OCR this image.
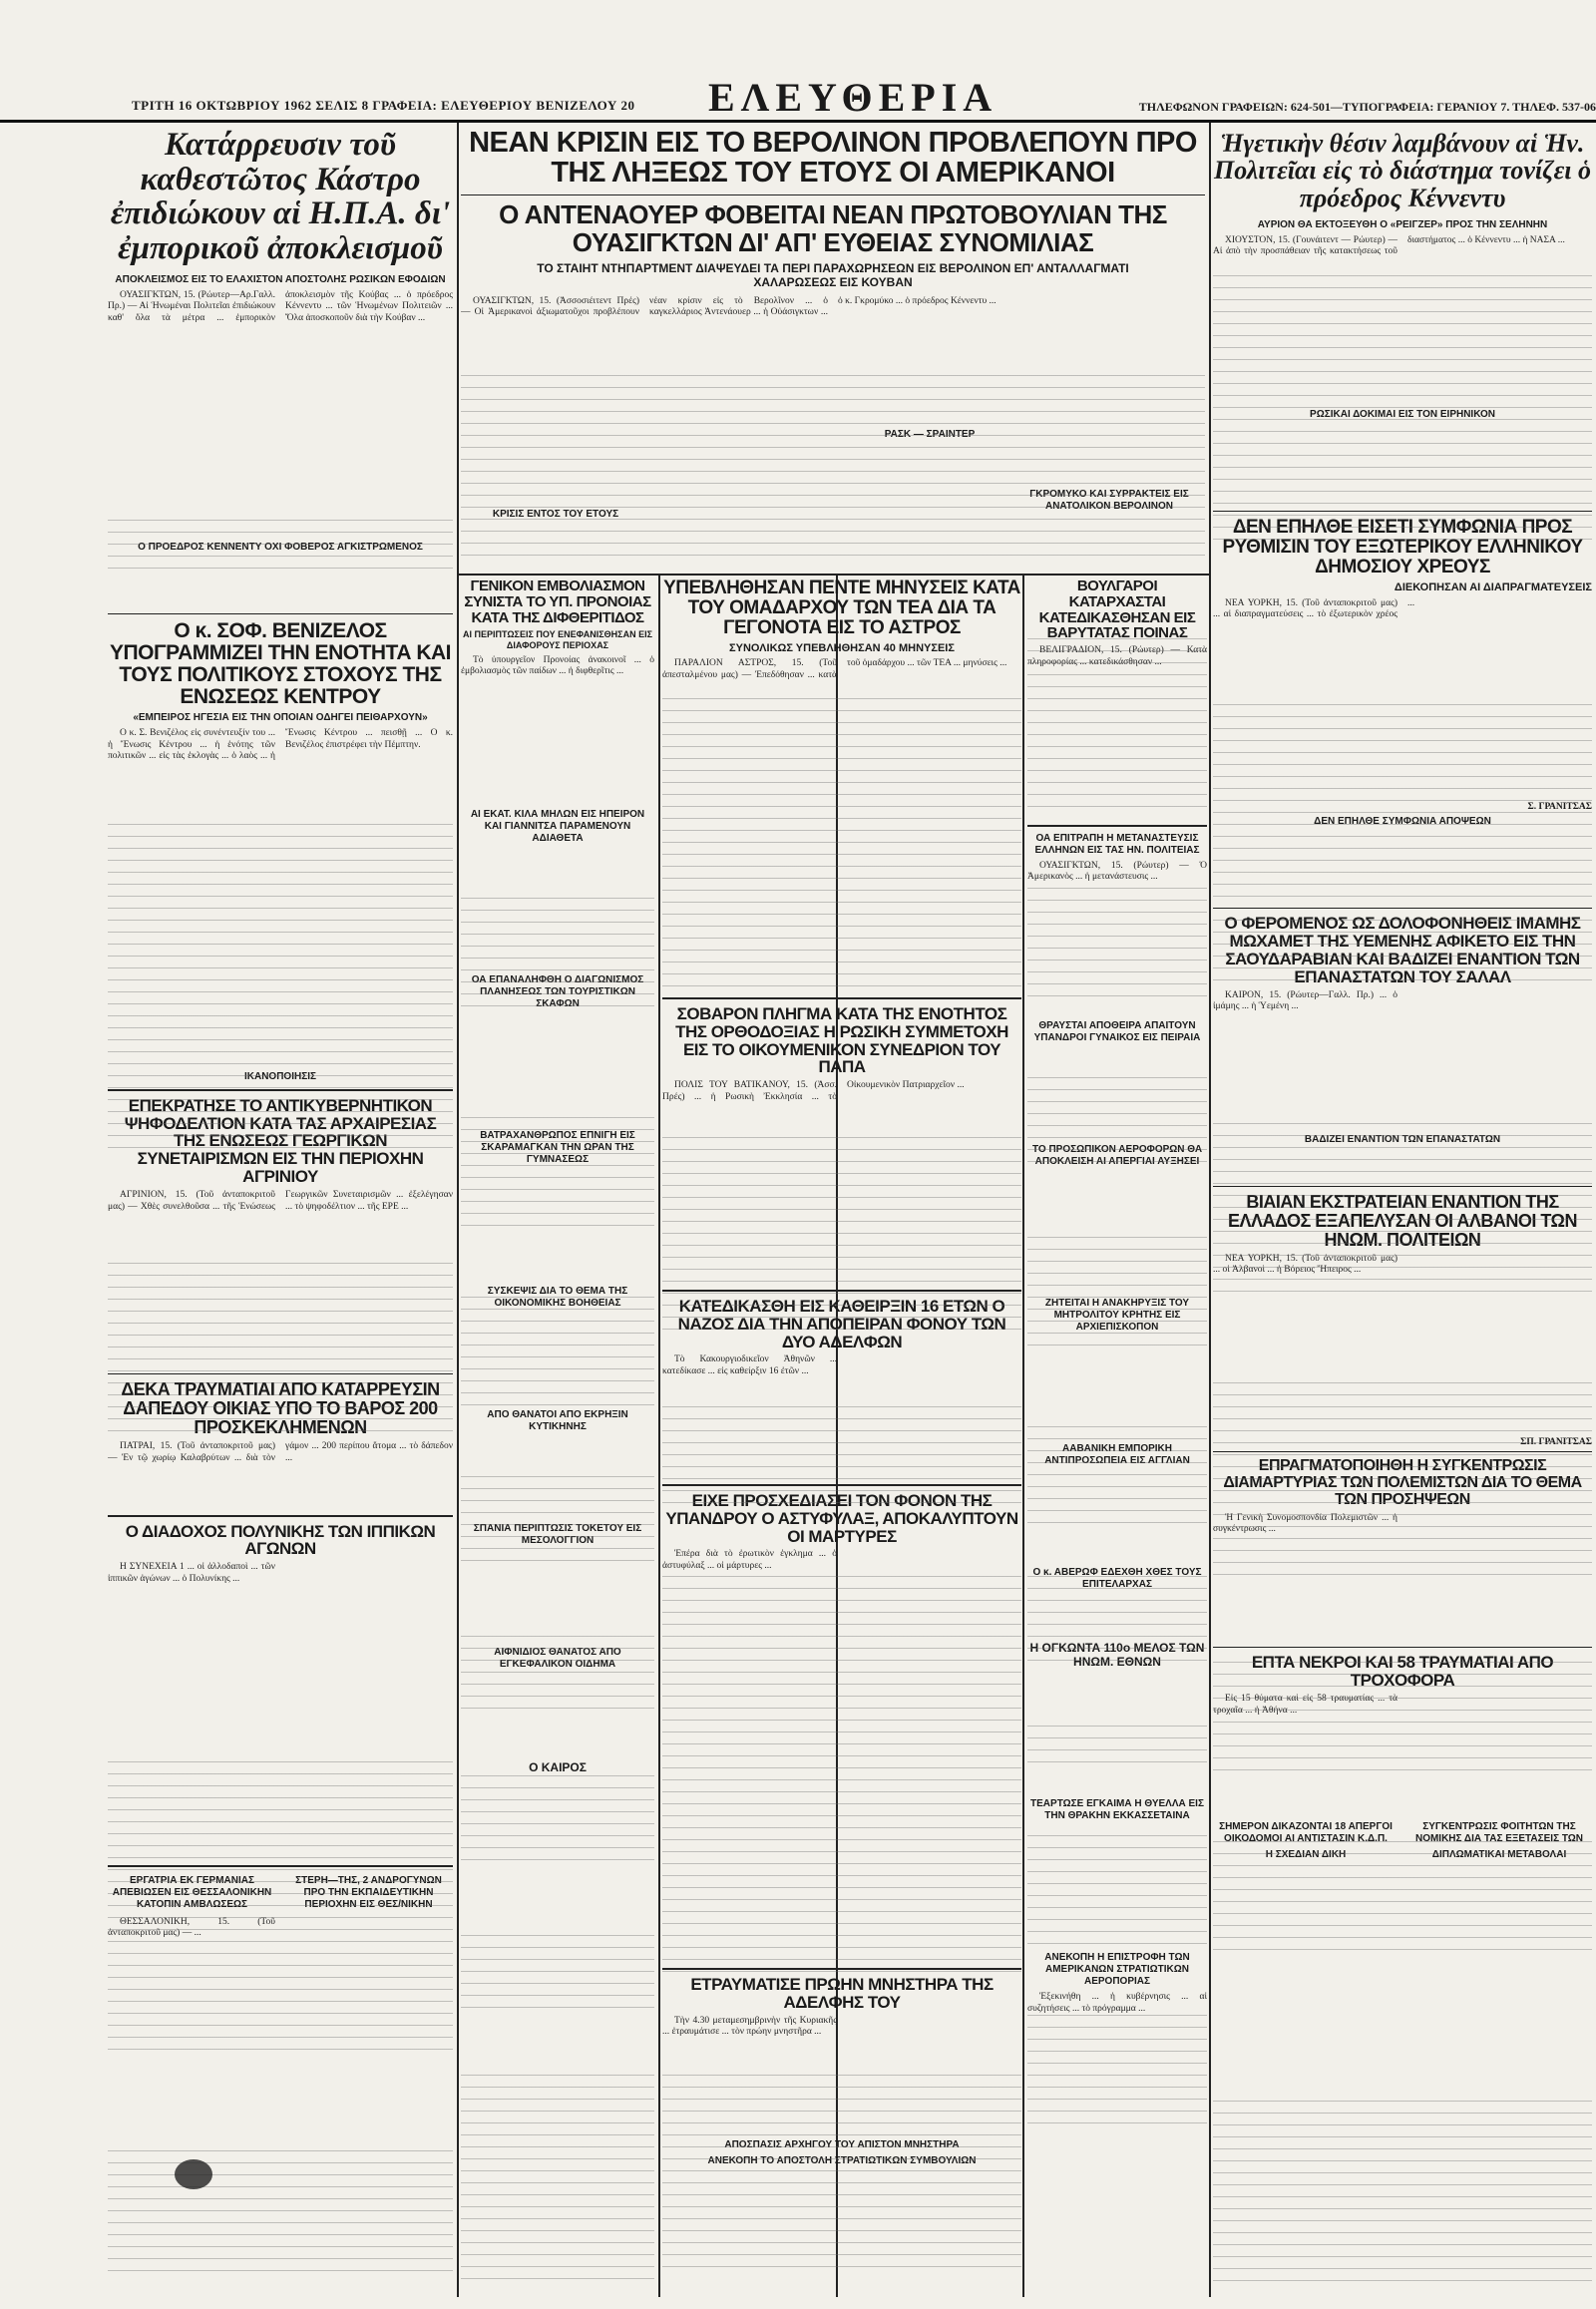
ΤΡΙΤΗ 16 ΟΚΤΩΒΡΙΟΥ 1962 ΣΕΛΙΣ 8 ΓΡΑΦΕΙΑ: ΕΛΕΥΘΕΡΙΟΥ ΒΕΝΙΖΕΛΟΥ 20 ΕΛΕΥΘΕΡΙΑ	ΤΗΛΕΦΩΝΟΝ ΓΡΑΦΕΙΩΝ: 624-501—ΤΥΠΟΓΡΑΦΕΙΑ: ΓΕΡΑΝΙΟΥ 7. ΤΗΛΕΦ. 537-06
Κατάρρευσιν τοῦ καθεστῶτος Κάστρο ἐπιδιώκουν αἱ Η.Π.Α. δι' ἐμπορικοῦ ἀποκλεισμοῦ
ΑΠΟΚΛΕΙΣΜΟΣ ΕΙΣ ΤΟ ΕΛΑΧΙΣΤΟΝ ΑΠΟΣΤΟΛΗΣ ΡΩΣΙΚΩΝ ΕΦΟΔΙΩΝ
ΟΥΑΣΙΓΚΤΩΝ, 15. (Ρώυτερ—Αρ.Γαλλ. Πρ.) — Αἱ Ἡνωμέναι Πολιτεῖαι ἐπιδιώκουν καθ' ὅλα τὰ μέτρα ... ἐμπορικὸν ἀποκλεισμὸν τῆς Κούβας ... ὁ πρόεδρος Κέννεντυ ... τῶν Ἡνωμένων Πολιτειῶν ... Ὅλα ἀποσκοποῦν διὰ τὴν Κούβαν ...
Ο ΠΡΟΕΔΡΟΣ ΚΕΝΝΕΝΤΥ ΟΧΙ ΦΟΒΕΡΟΣ ΑΓΚΙΣΤΡΩΜΕΝΟΣ
Ο κ. ΣΟΦ. ΒΕΝΙΖΕΛΟΣ ΥΠΟΓΡΑΜΜΙΖΕΙ ΤΗΝ ΕΝΟΤΗΤΑ ΚΑΙ ΤΟΥΣ ΠΟΛΙΤΙΚΟΥΣ ΣΤΟΧΟΥΣ ΤΗΣ ΕΝΩΣΕΩΣ ΚΕΝΤΡΟΥ
«ΕΜΠΕΙΡΟΣ ΗΓΕΣΙΑ ΕΙΣ ΤΗΝ ΟΠΟΙΑΝ ΟΔΗΓΕΙ ΠΕΙΘΑΡΧΟΥΝ»
Ο κ. Σ. Βενιζέλος εἰς συνέντευξίν του ... ἡ Ἕνωσις Κέντρου ... ἡ ἑνότης τῶν πολιτικῶν ... εἰς τὰς ἐκλογὰς ... ὁ λαὸς ... ἡ Ἕνωσις Κέντρου ... πεισθῇ ... Ο κ. Βενιζέλος ἐπιστρέφει τὴν Πέμπτην.
ΙΚΑΝΟΠΟΙΗΣΙΣ
ΕΠΕΚΡΑΤΗΣΕ ΤΟ ΑΝΤΙΚΥΒΕΡΝΗΤΙΚΟΝ ΨΗΦΟΔΕΛΤΙΟΝ ΚΑΤΑ ΤΑΣ ΑΡΧΑΙΡΕΣΙΑΣ ΤΗΣ ΕΝΩΣΕΩΣ ΓΕΩΡΓΙΚΩΝ ΣΥΝΕΤΑΙΡΙΣΜΩΝ ΕΙΣ ΤΗΝ ΠΕΡΙΟΧΗΝ ΑΓΡΙΝΙΟΥ
ΑΓΡΙΝΙΟΝ, 15. (Τοῦ ἀνταποκριτοῦ μας) — Χθὲς συνελθοῦσα ... τῆς Ἑνώσεως Γεωργικῶν Συνεταιρισμῶν ... ἐξελέγησαν ... τὸ ψηφοδέλτιον ... τῆς ΕΡΕ ...
ΔΕΚΑ ΤΡΑΥΜΑΤΙΑΙ ΑΠΟ ΚΑΤΑΡΡΕΥΣΙΝ ΔΑΠΕΔΟΥ ΟΙΚΙΑΣ ΥΠΟ ΤΟ ΒΑΡΟΣ 200 ΠΡΟΣΚΕΚΛΗΜΕΝΩΝ
ΠΑΤΡΑΙ, 15. (Τοῦ ἀνταποκριτοῦ μας) — Ἐν τῷ χωρίῳ Καλαβρύτων ... διὰ τὸν γάμον ... 200 περίπου ἄτομα ... τὸ δάπεδον ...
Ο ΔΙΑΔΟΧΟΣ ΠΟΛΥΝΙΚΗΣ ΤΩΝ ΙΠΠΙΚΩΝ ΑΓΩΝΩΝ
Η ΣΥΝΕΧΕΙΑ 1 ... οἱ ἀλλοδαποὶ ... τῶν ἱππικῶν ἀγώνων ... ὁ Πολυνίκης ...
ΕΡΓΑΤΡΙΑ ΕΚ ΓΕΡΜΑΝΙΑΣ ΑΠΕΒΙΩΣΕΝ ΕΙΣ ΘΕΣΣΑΛΟΝΙΚΗΝ ΚΑΤΟΠΙΝ ΑΜΒΛΩΣΕΩΣ
ΣΤΕΡΗ—ΤΗΣ, 2 ΑΝΔΡΟΓΥΝΩΝ ΠΡΟ ΤΗΝ ΕΚΠΑΙΔΕΥΤΙΚΗΝ ΠΕΡΙΟΧΗΝ ΕΙΣ ΘΕΣ/ΝΙΚΗΝ
ΘΕΣΣΑΛΟΝΙΚΗ, 15. (Τοῦ ἀνταποκριτοῦ μας) — ...
ΝΕΑΝ ΚΡΙΣΙΝ ΕΙΣ ΤΟ ΒΕΡΟΛΙΝΟΝ ΠΡΟΒΛΕΠΟΥΝ ΠΡΟ ΤΗΣ ΛΗΞΕΩΣ ΤΟΥ ΕΤΟΥΣ ΟΙ ΑΜΕΡΙΚΑΝΟΙ
Ο ΑΝΤΕΝΑΟΥΕΡ ΦΟΒΕΙΤΑΙ ΝΕΑΝ ΠΡΩΤΟΒΟΥΛΙΑΝ ΤΗΣ ΟΥΑΣΙΓΚΤΩΝ ΔΙ' ΑΠ' ΕΥΘΕΙΑΣ ΣΥΝΟΜΙΛΙΑΣ
ΤΟ ΣΤΑΙΗΤ ΝΤΗΠΑΡΤΜΕΝΤ ΔΙΑΨΕΥΔΕΙ ΤΑ ΠΕΡΙ ΠΑΡΑΧΩΡΗΣΕΩΝ ΕΙΣ ΒΕΡΟΛΙΝΟΝ ΕΠ' ΑΝΤΑΛΛΑΓΜΑΤΙ ΧΑΛΑΡΩΣΕΩΣ ΕΙΣ ΚΟΥΒΑΝ
ΟΥΑΣΙΓΚΤΩΝ, 15. (Ἀσσοσιέιτεντ Πρές) — Οἱ Ἀμερικανοὶ ἀξιωματοῦχοι προβλέπουν νέαν κρίσιν εἰς τὸ Βερολῖνον ... ὁ καγκελλάριος Ἀντενάουερ ... ἡ Οὐάσιγκτων ... ὁ κ. Γκρομύκο ... ὁ πρόεδρος Κέννεντυ ...
ΚΡΙΣΙΣ ΕΝΤΟΣ ΤΟΥ ΕΤΟΥΣ
ΡΑΣΚ — ΣΡΑΙΝΤΕΡ
ΓΚΡΟΜΥΚΟ ΚΑΙ ΣΥΡΡΑΚΤΕΙΣ ΕΙΣ ΑΝΑΤΟΛΙΚΟΝ ΒΕΡΟΛΙΝΟΝ
ΓΕΝΙΚΟΝ ΕΜΒΟΛΙΑΣΜΟΝ ΣΥΝΙΣΤΑ ΤΟ ΥΠ. ΠΡΟΝΟΙΑΣ ΚΑΤΑ ΤΗΣ ΔΙΦΘΕΡΙΤΙΔΟΣ
ΑΙ ΠΕΡΙΠΤΩΣΕΙΣ ΠΟΥ ΕΝΕΦΑΝΙΣΘΗΣΑΝ ΕΙΣ ΔΙΑΦΟΡΟΥΣ ΠΕΡΙΟΧΑΣ
Τὸ ὑπουργεῖον Προνοίας ἀνακοινοῖ ... ὁ ἐμβολιασμὸς τῶν παίδων ... ἡ διφθερῖτις ...
ΑΙ ΕΚΑΤ. ΚΙΛΑ ΜΗΛΩΝ ΕΙΣ ΗΠΕΙΡΟΝ ΚΑΙ ΓΙΑΝΝΙΤΣΑ ΠΑΡΑΜΕΝΟΥΝ ΑΔΙΑΘΕΤΑ
ΟΑ ΕΠΑΝΑΛΗΦΘΗ Ο ΔΙΑΓΩΝΙΣΜΟΣ ΠΛΑΝΗΣΕΩΣ ΤΩΝ ΤΟΥΡΙΣΤΙΚΩΝ ΣΚΑΦΩΝ
ΒΑΤΡΑΧΑΝΘΡΩΠΟΣ ΕΠΝΙΓΗ ΕΙΣ ΣΚΑΡΑΜΑΓΚΑΝ ΤΗΝ ΩΡΑΝ ΤΗΣ ΓΥΜΝΑΣΕΩΣ
ΣΥΣΚΕΨΙΣ ΔΙΑ ΤΟ ΘΕΜΑ ΤΗΣ ΟΙΚΟΝΟΜΙΚΗΣ ΒΟΗΘΕΙΑΣ
ΑΠΟ ΘΑΝΑΤΟΙ ΑΠΟ ΕΚΡΗΞΙΝ ΚΥΤΙΚΗΝΗΣ
ΣΠΑΝΙΑ ΠΕΡΙΠΤΩΣΙΣ ΤΟΚΕΤΟΥ ΕΙΣ ΜΕΣΟΛΟΓΓΙΟΝ
ΑΙΦΝΙΔΙΟΣ ΘΑΝΑΤΟΣ ΑΠΟ ΕΓΚΕΦΑΛΙΚΟΝ ΟΙΔΗΜΑ
Ο ΚΑΙΡΟΣ
ΥΠΕΒΛΗΘΗΣΑΝ ΠΕΝΤΕ ΜΗΝΥΣΕΙΣ ΚΑΤΑ ΤΟΥ ΟΜΑΔΑΡΧΟΥ ΤΩΝ ΤΕΑ ΔΙΑ ΤΑ ΓΕΓΟΝΟΤΑ ΕΙΣ ΤΟ ΑΣΤΡΟΣ
ΣΥΝΟΛΙΚΩΣ ΥΠΕΒΛΗΘΗΣΑΝ 40 ΜΗΝΥΣΕΙΣ
ΠΑΡΑΛΙΟΝ ΑΣΤΡΟΣ, 15. (Τοῦ ἀπεσταλμένου μας) — Ἐπεδόθησαν ... κατὰ τοῦ ὁμαδάρχου ... τῶν ΤΕΑ ... μηνύσεις ...
ΣΟΒΑΡΟΝ ΠΛΗΓΜΑ ΚΑΤΑ ΤΗΣ ΕΝΟΤΗΤΟΣ ΤΗΣ ΟΡΘΟΔΟΞΙΑΣ Η ΡΩΣΙΚΗ ΣΥΜΜΕΤΟΧΗ ΕΙΣ ΤΟ ΟΙΚΟΥΜΕΝΙΚΟΝ ΣΥΝΕΔΡΙΟΝ ΤΟΥ ΠΑΠΑ
ΠΟΛΙΣ ΤΟΥ ΒΑΤΙΚΑΝΟΥ, 15. (Ἀσσ. Πρές) ... ἡ Ρωσικὴ Ἐκκλησία ... τὸ Οἰκουμενικὸν Πατριαρχεῖον ...
ΚΑΤΕΔΙΚΑΣΘΗ ΕΙΣ ΚΑΘΕΙΡΞΙΝ 16 ΕΤΩΝ Ο ΝΑΖΟΣ ΔΙΑ ΤΗΝ ΑΠΟΠΕΙΡΑΝ ΦΟΝΟΥ ΤΩΝ ΔΥΟ ΑΔΕΛΦΩΝ
Τὸ Κακουργιοδικεῖον Ἀθηνῶν ... κατεδίκασε ... εἰς καθείρξιν 16 ἐτῶν ...
ΕΙΧΕ ΠΡΟΣΧΕΔΙΑΣΕΙ ΤΟΝ ΦΟΝΟΝ ΤΗΣ ΥΠΑΝΔΡΟΥ Ο ΑΣΤΥΦΥΛΑΞ, ΑΠΟΚΑΛΥΠΤΟΥΝ ΟΙ ΜΑΡΤΥΡΕΣ
Ἐπέρα διὰ τὸ ἐρωτικὸν ἐγκλημα ... ὁ ἀστυφύλαξ ... οἱ μάρτυρες ...
ΕΤΡΑΥΜΑΤΙΣΕ ΠΡΩΗΝ ΜΝΗΣΤΗΡΑ ΤΗΣ ΑΔΕΛΦΗΣ ΤΟΥ
Τὴν 4.30 μεταμεσημβρινὴν τῆς Κυριακῆς ... ἐτραυμάτισε ... τὸν πρώην μνηστῆρα ...
ΑΠΟΣΠΑΣΙΣ ΑΡΧΗΓΟΥ ΤΟΥ ΑΠΙΣΤΟΝ ΜΝΗΣΤΗΡΑ
ΑΝΕΚΟΠΗ ΤΟ ΑΠΟΣΤΟΛΗ ΣΤΡΑΤΙΩΤΙΚΩΝ ΣΥΜΒΟΥΛΙΩΝ
ΒΟΥΛΓΑΡΟΙ ΚΑΤΑΡΧΑΣΤΑΙ ΚΑΤΕΔΙΚΑΣΘΗΣΑΝ ΕΙΣ ΒΑΡΥΤΑΤΑΣ ΠΟΙΝΑΣ
ΒΕΛΙΓΡΑΔΙΟΝ, 15. (Ρώυτερ) — Κατὰ πληροφορίας ... κατεδικάσθησαν ...
ΟΑ ΕΠΙΤΡΑΠΗ Η ΜΕΤΑΝΑΣΤΕΥΣΙΣ ΕΛΛΗΝΩΝ ΕΙΣ ΤΑΣ ΗΝ. ΠΟΛΙΤΕΙΑΣ
ΟΥΑΣΙΓΚΤΩΝ, 15. (Ρώυτερ) — Ὁ Ἀμερικανὸς ... ἡ μετανάστευσις ...
ΘΡΑΥΣΤΑΙ ΑΠΟΘΕΙΡΑ ΑΠΑΙΤΟΥΝ ΥΠΑΝΔΡΟΙ ΓΥΝΑΙΚΟΣ ΕΙΣ ΠΕΙΡΑΙΑ
ΤΟ ΠΡΟΣΩΠΙΚΟΝ ΑΕΡΟΦΟΡΩΝ ΘΑ ΑΠΟΚΛΕΙΣΗ ΑΙ ΑΠΕΡΓΙΑΙ ΑΥΞΗΣΕΙ
ΖΗΤΕΙΤΑΙ Η ΑΝΑΚΗΡΥΞΙΣ ΤΟΥ ΜΗΤΡΟΛΙΤΟΥ ΚΡΗΤΗΣ ΕΙΣ ΑΡΧΙΕΠΙΣΚΟΠΟΝ
ΑΑΒΑΝΙΚΗ ΕΜΠΟΡΙΚΗ ΑΝΤΙΠΡΟΣΩΠΕΙΑ ΕΙΣ ΑΓΓΛΙΑΝ
Ο κ. ΑΒΕΡΩΦ ΕΔΕΧΘΗ ΧΘΕΣ ΤΟΥΣ ΕΠΙΤΕΛΑΡΧΑΣ
Η ΟΓΚΩΝΤΑ 110ο ΜΕΛΟΣ ΤΩΝ ΗΝΩΜ. ΕΘΝΩΝ
ΤΕΑΡΤΩΣΕ ΕΓΚΑΙΜΑ Η ΘΥΕΛΛΑ ΕΙΣ ΤΗΝ ΘΡΑΚΗΝ ΕΚΚΑΣΣΕΤΑΙΝΑ
ΑΝΕΚΟΠΗ Η ΕΠΙΣΤΡΟΦΗ ΤΩΝ ΑΜΕΡΙΚΑΝΩΝ ΣΤΡΑΤΙΩΤΙΚΩΝ ΑΕΡΟΠΟΡΙΑΣ
Ἐξεκινήθη ... ἡ κυβέρνησις ... αἱ συζητήσεις ... τὸ πρόγραμμα ...
Ἡγετικὴν θέσιν λαμβάνουν αἱ Ἡν. Πολιτεῖαι εἰς τὸ διάστημα τονίζει ὁ πρόεδρος Κέννεντυ
ΑΥΡΙΟΝ ΘΑ ΕΚΤΟΞΕΥΘΗ Ο «ΡΕΙΓΖΕΡ» ΠΡΟΣ ΤΗΝ ΣΕΛΗΝΗΝ
ΧΙΟΥΣΤΟΝ, 15. (Γουνάιτεντ — Ρώυτερ) — Αἱ ἀπὸ τὴν προσπάθειαν τῆς κατακτήσεως τοῦ διαστήματος ... ὁ Κέννεντυ ... ἡ ΝΑΣΑ ...
ΡΩΣΙΚΑΙ ΔΟΚΙΜΑΙ ΕΙΣ ΤΟΝ ΕΙΡΗΝΙΚΟΝ
ΔΕΝ ΕΠΗΛΘΕ ΕΙΣΕΤΙ ΣΥΜΦΩΝΙΑ ΠΡΟΣ ΡΥΘΜΙΣΙΝ ΤΟΥ ΕΞΩΤΕΡΙΚΟΥ ΕΛΛΗΝΙΚΟΥ ΔΗΜΟΣΙΟΥ ΧΡΕΟΥΣ
ΔΙΕΚΟΠΗΣΑΝ ΑΙ ΔΙΑΠΡΑΓΜΑΤΕΥΣΕΙΣ
ΝΕΑ ΥΟΡΚΗ, 15. (Τοῦ ἀνταποκριτοῦ μας) ... αἱ διαπραγματεύσεις ... τὸ ἐξωτερικὸν χρέος ...
Σ. ΓΡΑΝΙΤΣΑΣ
ΔΕΝ ΕΠΗΛΘΕ ΣΥΜΦΩΝΙΑ ΑΠΟΨΕΩΝ
Ο ΦΕΡΟΜΕΝΟΣ ΩΣ ΔΟΛΟΦΟΝΗΘΕΙΣ ΙΜΑΜΗΣ ΜΩΧΑΜΕΤ ΤΗΣ ΥΕΜΕΝΗΣ ΑΦΙΚΕΤΟ ΕΙΣ ΤΗΝ ΣΑΟΥΔΑΡΑΒΙΑΝ ΚΑΙ ΒΑΔΙΖΕΙ ΕΝΑΝΤΙΟΝ ΤΩΝ ΕΠΑΝΑΣΤΑΤΩΝ ΤΟΥ ΣΑΛΑΛ
ΚΑΪΡΟΝ, 15. (Ρώυτερ—Γαλλ. Πρ.) ... ὁ ἰμάμης ... ἡ Ὑεμένη ...
ΒΑΔΙΖΕΙ ΕΝΑΝΤΙΟΝ ΤΩΝ ΕΠΑΝΑΣΤΑΤΩΝ
ΒΙΑΙΑΝ ΕΚΣΤΡΑΤΕΙΑΝ ΕΝΑΝΤΙΟΝ ΤΗΣ ΕΛΛΑΔΟΣ ΕΞΑΠΕΛΥΣΑΝ ΟΙ ΑΛΒΑΝΟΙ ΤΩΝ ΗΝΩΜ. ΠΟΛΙΤΕΙΩΝ
ΝΕΑ ΥΟΡΚΗ, 15. (Τοῦ ἀνταποκριτοῦ μας) ... οἱ Ἀλβανοὶ ... ἡ Βόρειος Ἤπειρος ...
ΣΠ. ΓΡΑΝΙΤΣΑΣ
ΕΠΡΑΓΜΑΤΟΠΟΙΗΘΗ Η ΣΥΓΚΕΝΤΡΩΣΙΣ ΔΙΑΜΑΡΤΥΡΙΑΣ ΤΩΝ ΠΟΛΕΜΙΣΤΩΝ ΔΙΑ ΤΟ ΘΕΜΑ ΤΩΝ ΠΡΟΣΗΨΕΩΝ
Ἡ Γενικὴ Συνομοσπονδία Πολεμιστῶν ... ἡ συγκέντρωσις ...
ΕΠΤΑ ΝΕΚΡΟΙ ΚΑΙ 58 ΤΡΑΥΜΑΤΙΑΙ ΑΠΟ ΤΡΟΧΟΦΟΡΑ
Εἰς 15 θύματα καὶ εἰς 58 τραυματίας ... τὰ τροχαῖα ... ἡ Ἀθήνα ...
ΣΗΜΕΡΟΝ ΔΙΚΑΖΟΝΤΑΙ 18 ΑΠΕΡΓΟΙ ΟΙΚΟΔΟΜΟΙ ΑΙ ΑΝΤΙΣΤΑΣΙΝ Κ.Δ.Π.
Η ΣΧΕΔΙΑΝ ΔΙΚΗ
ΣΥΓΚΕΝΤΡΩΣΙΣ ΦΟΙΤΗΤΩΝ ΤΗΣ ΝΟΜΙΚΗΣ ΔΙΑ ΤΑΣ ΕΞΕΤΑΣΕΙΣ ΤΩΝ
ΔΙΠΛΩΜΑΤΙΚΑΙ ΜΕΤΑΒΟΛΑΙ
